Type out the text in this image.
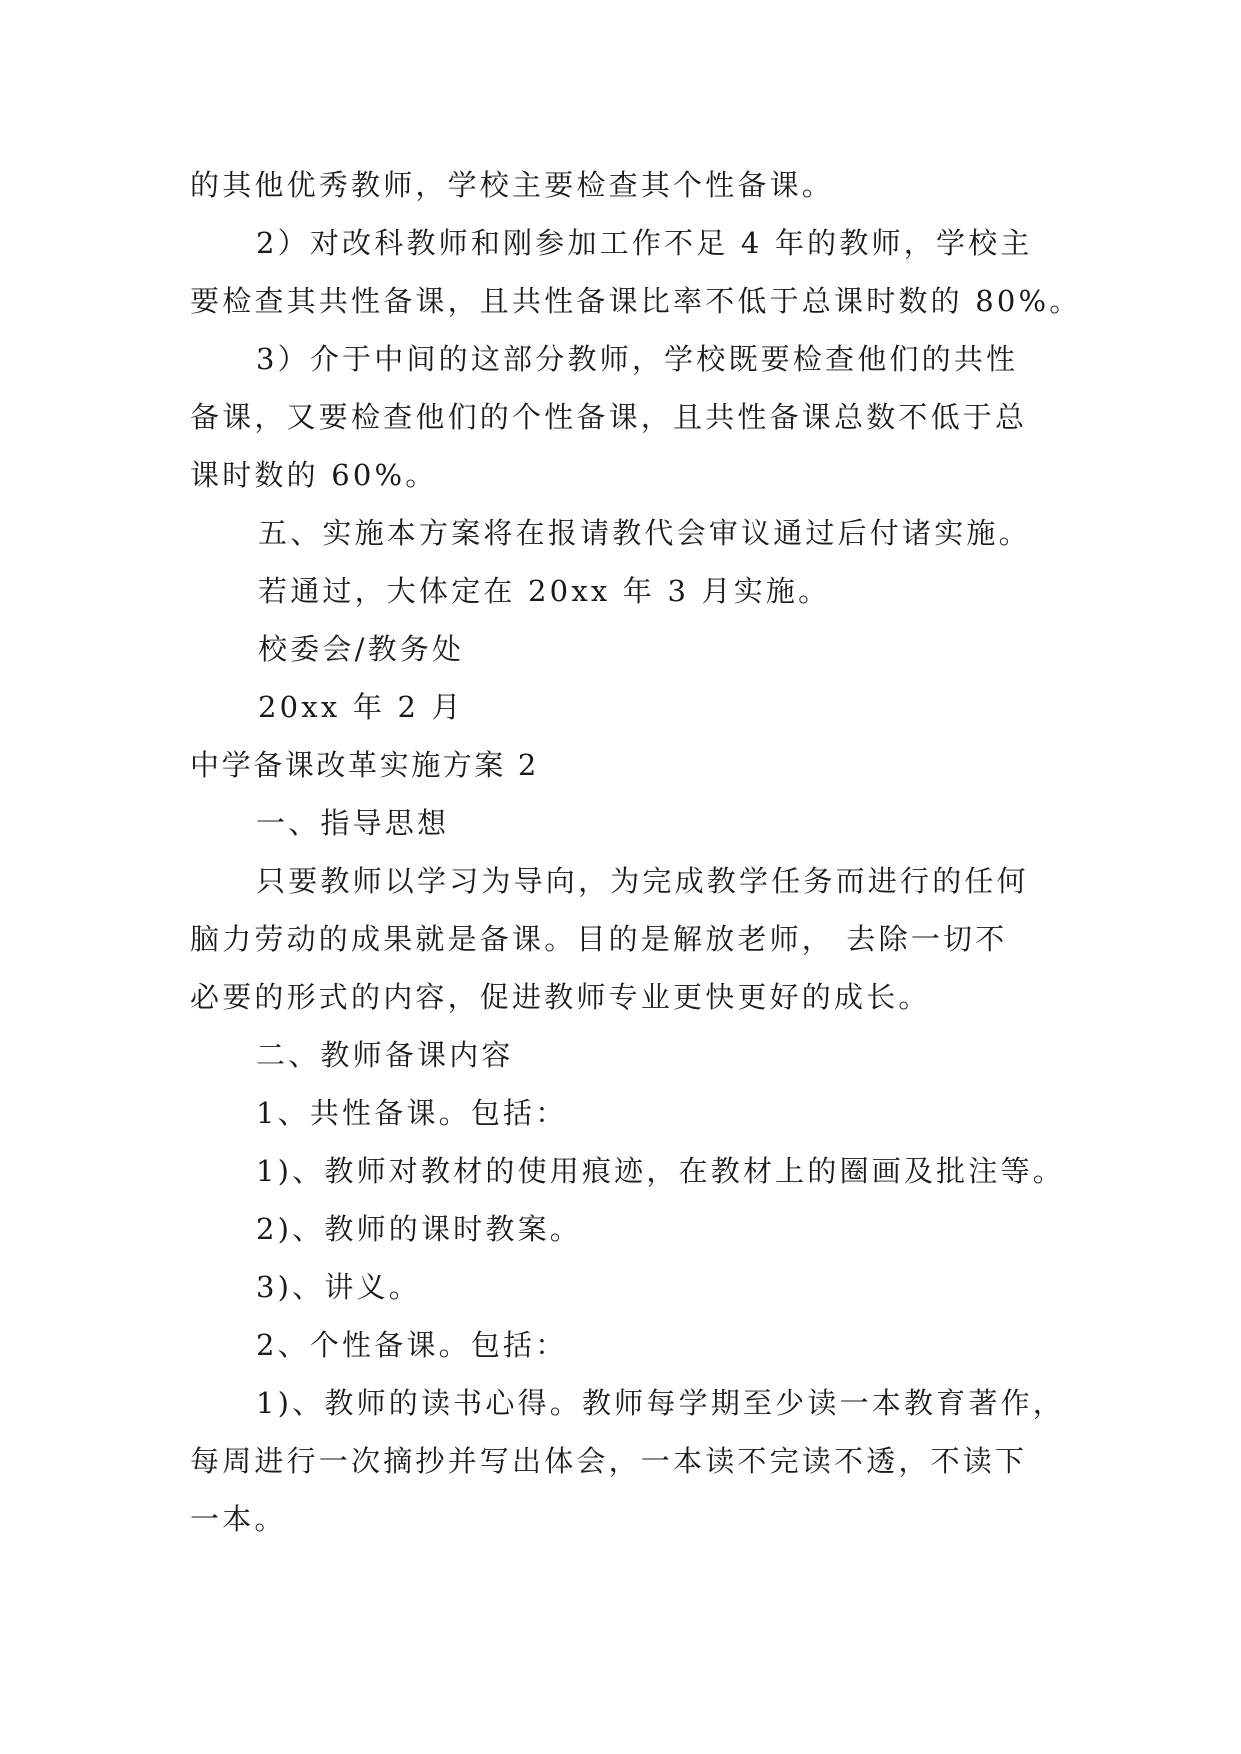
的其他优秀教师，学校主要检查其个性备课。
2）对改科教师和刚参加工作不足 4 年的教师，学校主
要检查其共性备课，且共性备课比率不低于总课时数的 80%。
3）介于中间的这部分教师，学校既要检查他们的共性
备课，又要检查他们的个性备课，且共性备课总数不低于总
课时数的 60%。
五、实施本方案将在报请教代会审议通过后付诸实施。
若通过，大体定在 20xx 年 3 月实施。
校委会/教务处
20xx 年 2 月
中学备课改革实施方案 2
一、指导思想
只要教师以学习为导向，为完成教学任务而进行的任何
脑力劳动的成果就是备课。目的是解放老师， 去除一切不
必要的形式的内容，促进教师专业更快更好的成长。
二、教师备课内容
1、共性备课。包括：
1)、教师对教材的使用痕迹，在教材上的圈画及批注等。
2)、教师的课时教案。
3)、讲义。
2、个性备课。包括：
1)、教师的读书心得。教师每学期至少读一本教育著作，
每周进行一次摘抄并写出体会，一本读不完读不透，不读下
一本。
